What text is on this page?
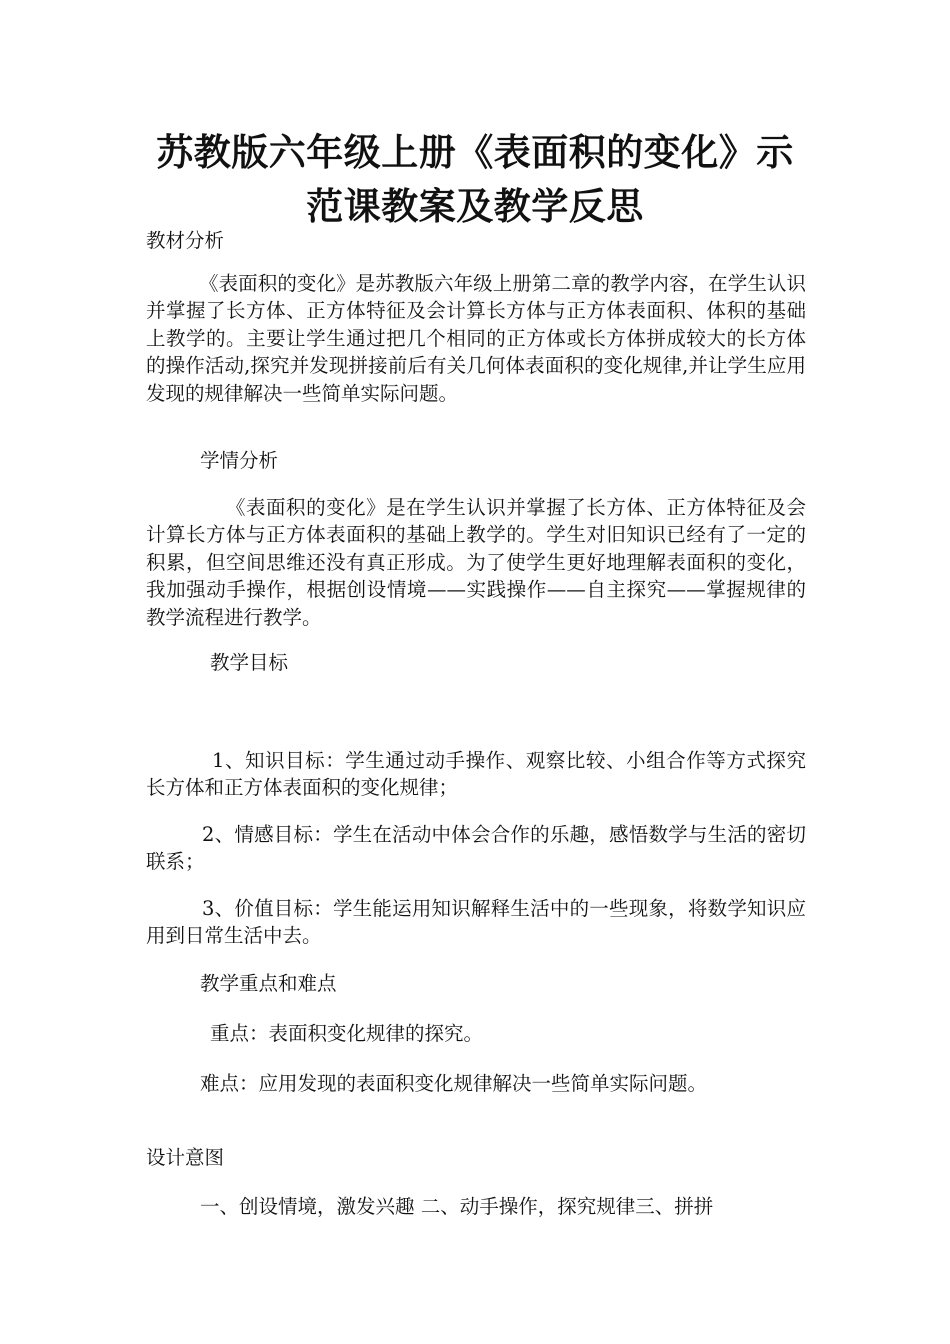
苏教版六年级上册《表面积的变化》示
范课教案及教学反思
教材分析

《表面积的变化》是苏教版六年级上册第二章的教学内容，在学生认识并掌握了长方体、正方体特征及会计算长方体与正方体表面积、体积的基础上教学的。主要让学生通过把几个相同的正方体或长方体拼成较大的长方体的操作活动,探究并发现拼接前后有关几何体表面积的变化规律,并让学生应用发现的规律解决一些简单实际问题。

学情分析

《表面积的变化》是在学生认识并掌握了长方体、正方体特征及会计算长方体与正方体表面积的基础上教学的。学生对旧知识已经有了一定的积累，但空间思维还没有真正形成。为了使学生更好地理解表面积的变化，我加强动手操作，根据创设情境——实践操作——自主探究——掌握规律的教学流程进行教学。

教学目标

1、知识目标：学生通过动手操作、观察比较、小组合作等方式探究长方体和正方体表面积的变化规律；

2、情感目标：学生在活动中体会合作的乐趣，感悟数学与生活的密切联系；

3、价值目标：学生能运用知识解释生活中的一些现象，将数学知识应用到日常生活中去。

教学重点和难点
重点：表面积变化规律的探究。
难点：应用发现的表面积变化规律解决一些简单实际问题。
设计意图
一、创设情境，激发兴趣 二、动手操作，探究规律三、拼拼
